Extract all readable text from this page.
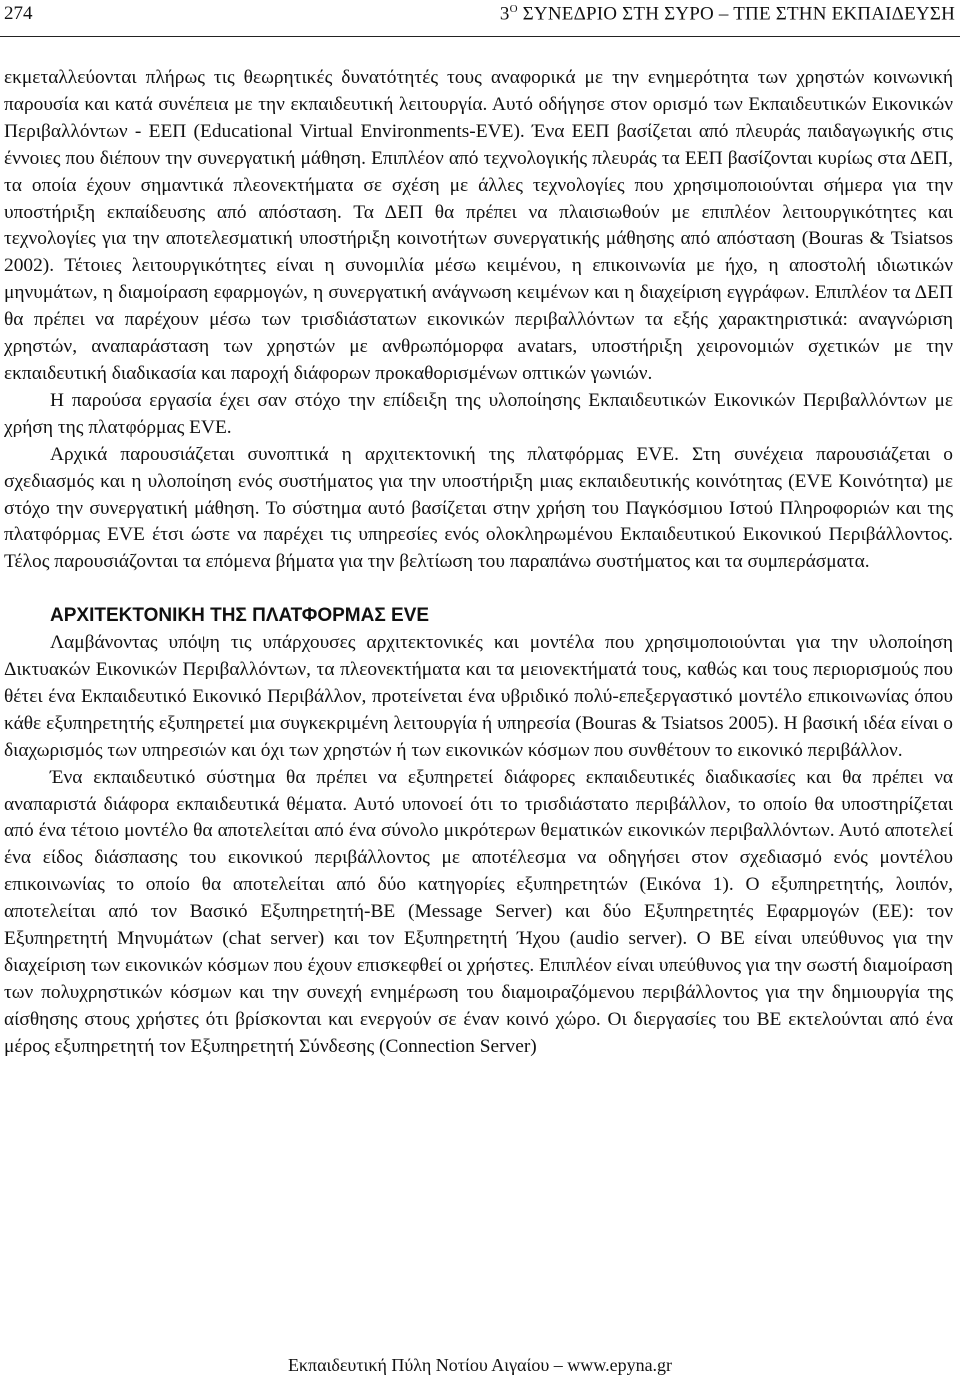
274	$3^O$ ΣΥΝΕΔΡΙΟ ΣΤΗ ΣΥΡΟ – ΤΠΕ ΣΤΗΝ ΕΚΠΑΙΔΕΥΣΗ

εκμεταλλεύονται πλήρως τις θεωρητικές δυνατότητές τους αναφορικά με την ενημερότητα των χρηστών κοινωνική παρουσία και κατά συνέπεια με την εκπαιδευτική λειτουργία. Αυτό οδήγησε στον ορισμό των Εκπαιδευτικών Εικονικών Περιβαλλόντων - ΕΕΠ (Educational Virtual Environments-EVE). Ένα ΕΕΠ βασίζεται από πλευράς παιδαγωγικής στις έννοιες που διέπουν την συνεργατική μάθηση. Επιπλέον από τεχνολογικής πλευράς τα ΕΕΠ βασίζονται κυρίως στα ΔΕΠ, τα οποία έχουν σημαντικά πλεονεκτήματα σε σχέση με άλλες τεχνολογίες που χρησιμοποιούνται σήμερα για την υποστήριξη εκπαίδευσης από απόσταση. Τα ΔΕΠ θα πρέπει να πλαισιωθούν με επιπλέον λειτουργικότητες και τεχνολογίες για την αποτελεσματική υποστήριξη κοινοτήτων συνεργατικής μάθησης από απόσταση (Bouras & Tsiatsos 2002). Τέτοιες λειτουργικότητες είναι η συνομιλία μέσω κειμένου, η επικοινωνία με ήχο, η αποστολή ιδιωτικών μηνυμάτων, η διαμοίραση εφαρμογών, η συνεργατική ανάγνωση κειμένων και η διαχείριση εγγράφων. Επιπλέον τα ΔΕΠ θα πρέπει να παρέχουν μέσω των τρισδιάστατων εικονικών περιβαλλόντων τα εξής χαρακτηριστικά: αναγνώριση χρηστών, αναπαράσταση των χρηστών με ανθρωπόμορφα avatars, υποστήριξη χειρονομιών σχετικών με την εκπαιδευτική διαδικασία και παροχή διάφορων προκαθορισμένων οπτικών γωνιών.

Η παρούσα εργασία έχει σαν στόχο την επίδειξη της υλοποίησης Εκπαιδευτικών Εικονικών Περιβαλλόντων με χρήση της πλατφόρμας EVE.

Αρχικά παρουσιάζεται συνοπτικά η αρχιτεκτονική της πλατφόρμας EVE. Στη συνέχεια παρουσιάζεται ο σχεδιασμός και η υλοποίηση ενός συστήματος για την υποστήριξη μιας εκπαιδευτικής κοινότητας (EVE Κοινότητα) με στόχο την συνεργατική μάθηση. Το σύστημα αυτό βασίζεται στην χρήση του Παγκόσμιου Ιστού Πληροφοριών και της πλατφόρμας EVE έτσι ώστε να παρέχει τις υπηρεσίες ενός ολοκληρωμένου Εκπαιδευτικού Εικονικού Περιβάλλοντος. Τέλος παρουσιάζονται τα επόμενα βήματα για την βελτίωση του παραπάνω συστήματος και τα συμπεράσματα.

ΑΡΧΙΤΕΚΤΟΝΙΚΗ ΤΗΣ ΠΛΑΤΦΟΡΜΑΣ EVE

Λαμβάνοντας υπόψη τις υπάρχουσες αρχιτεκτονικές και μοντέλα που χρησιμοποιούνται για την υλοποίηση Δικτυακών Εικονικών Περιβαλλόντων, τα πλεονεκτήματα και τα μειονεκτήματά τους, καθώς και τους περιορισμούς που θέτει ένα Εκπαιδευτικό Εικονικό Περιβάλλον, προτείνεται ένα υβριδικό πολύ-επεξεργαστικό μοντέλο επικοινωνίας όπου κάθε εξυπηρετητής εξυπηρετεί μια συγκεκριμένη λειτουργία ή υπηρεσία (Bouras & Tsiatsos 2005). Η βασική ιδέα είναι ο διαχωρισμός των υπηρεσιών και όχι των χρηστών ή των εικονικών κόσμων που συνθέτουν το εικονικό περιβάλλον.

Ένα εκπαιδευτικό σύστημα θα πρέπει να εξυπηρετεί διάφορες εκπαιδευτικές διαδικασίες και θα πρέπει να αναπαριστά διάφορα εκπαιδευτικά θέματα. Αυτό υπονοεί ότι το τρισδιάστατο περιβάλλον, το οποίο θα υποστηρίζεται από ένα τέτοιο μοντέλο θα αποτελείται από ένα σύνολο μικρότερων θεματικών εικονικών περιβαλλόντων. Αυτό αποτελεί ένα είδος διάσπασης του εικονικού περιβάλλοντος με αποτέλεσμα να οδηγήσει στον σχεδιασμό ενός μοντέλου επικοινωνίας το οποίο θα αποτελείται από δύο κατηγορίες εξυπηρετητών (Εικόνα 1). Ο εξυπηρετητής, λοιπόν, αποτελείται από τον Βασικό Εξυπηρετητή-ΒΕ (Message Server) και δύο Εξυπηρετητές Εφαρμογών (ΕΕ): τον Εξυπηρετητή Μηνυμάτων (chat server) και τον Εξυπηρετητή Ήχου (audio server). Ο ΒΕ είναι υπεύθυνος για την διαχείριση των εικονικών κόσμων που έχουν επισκεφθεί οι χρήστες. Επιπλέον είναι υπεύθυνος για την σωστή διαμοίραση των πολυχρηστικών κόσμων και την συνεχή ενημέρωση του διαμοιραζόμενου περιβάλλοντος για την δημιουργία της αίσθησης στους χρήστες ότι βρίσκονται και ενεργούν σε έναν κοινό χώρο. Οι διεργασίες του ΒΕ εκτελούνται από ένα μέρος εξυπηρετητή τον Εξυπηρετητή Σύνδεσης (Connection Server)

Εκπαιδευτική Πύλη Νοτίου Αιγαίου – www.epyna.gr
